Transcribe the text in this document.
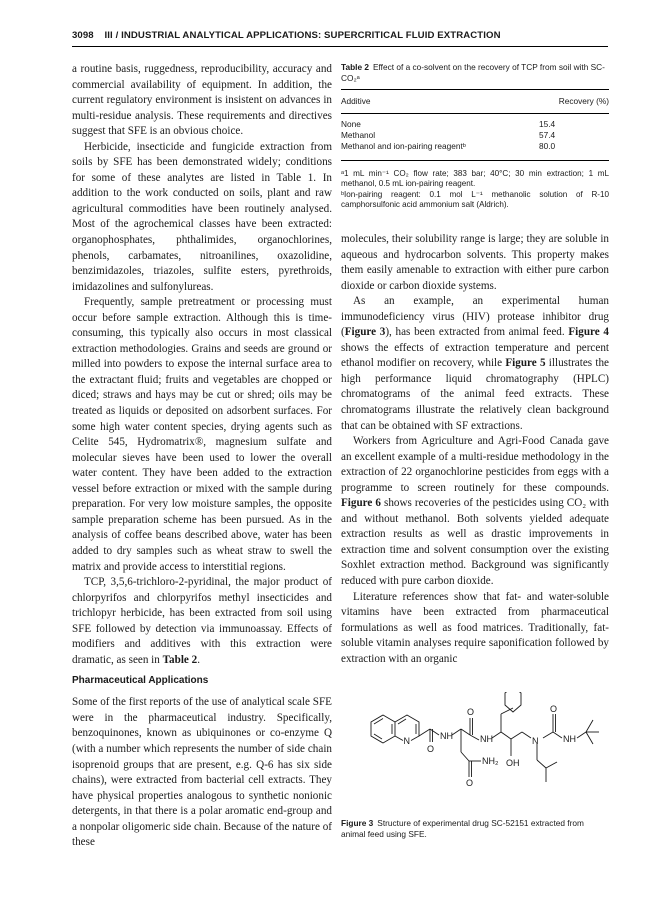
3098 III / INDUSTRIAL ANALYTICAL APPLICATIONS: SUPERCRITICAL FLUID EXTRACTION

a routine basis, ruggedness, reproducibility, accuracy and commercial availability of equipment. In addition, the current regulatory environment is insistent on advances in multi-residue analysis. These requirements and directives suggest that SFE is an obvious choice.

Herbicide, insecticide and fungicide extraction from soils by SFE has been demonstrated widely; conditions for some of these analytes are listed in Table 1. In addition to the work conducted on soils, plant and raw agricultural commodities have been routinely analysed. Most of the agrochemical classes have been extracted: organophosphates, phthalimides, organochlorines, phenols, carbamates, nitroanilines, oxazolidine, benzimidazoles, triazoles, sulfite esters, pyrethroids, imidazolines and sulfonylureas.

Frequently, sample pretreatment or processing must occur before sample extraction. Although this is time-consuming, this typically also occurs in most classical extraction methodologies. Grains and seeds are ground or milled into powders to expose the internal surface area to the extractant fluid; fruits and vegetables are chopped or diced; straws and hays may be cut or shred; oils may be treated as liquids or deposited on adsorbent surfaces. For some high water content species, drying agents such as Celite 545, Hydromatrix®, magnesium sulfate and molecular sieves have been used to lower the overall water content. They have been added to the extraction vessel before extraction or mixed with the sample during preparation. For very low moisture samples, the opposite sample preparation scheme has been pursued. As in the analysis of coffee beans described above, water has been added to dry samples such as wheat straw to swell the matrix and provide access to interstitial regions.

TCP, 3,5,6-trichloro-2-pyridinal, the major product of chlorpyrifos and chlorpyrifos methyl insecticides and trichlopyr herbicide, has been extracted from soil using SFE followed by detection via immunoassay. Effects of modifiers and additives with this extraction were dramatic, as seen in Table 2.

Pharmaceutical Applications

Some of the first reports of the use of analytical scale SFE were in the pharmaceutical industry. Specifically, benzoquinones, known as ubiquinones or co-enzyme Q (with a number which represents the number of side chain isoprenoid groups that are present, e.g. Q-6 has six side chains), were extracted from bacterial cell extracts. They have physical properties analogous to synthetic nonionic detergents, in that there is a polar aromatic end-group and a nonpolar oligomeric side chain. Because of the nature of these

Table 2 Effect of a co-solvent on the recovery of TCP from soil with SC-CO₂ᵃ
Additive	Recovery (%)
None	15.4
Methanol	57.4
Methanol and ion-pairing reagentᵇ	80.0
ᵃ1 mL min⁻¹ CO₂ flow rate; 383 bar; 40°C; 30 min extraction; 1 mL methanol, 0.5 mL ion-pairing reagent.
ᵇIon-pairing reagent: 0.1 mol L⁻¹ methanolic solution of R-10 camphorsulfonic acid ammonium salt (Aldrich).

molecules, their solubility range is large; they are soluble in aqueous and hydrocarbon solvents. This property makes them easily amenable to extraction with either pure carbon dioxide or carbon dioxide systems.

As an example, an experimental human immunodeficiency virus (HIV) protease inhibitor drug (Figure 3), has been extracted from animal feed. Figure 4 shows the effects of extraction temperature and percent ethanol modifier on recovery, while Figure 5 illustrates the high performance liquid chromatography (HPLC) chromatograms of the animal feed extracts. These chromatograms illustrate the relatively clean background that can be obtained with SF extractions.

Workers from Agriculture and Agri-Food Canada gave an excellent example of a multi-residue methodology in the extraction of 22 organochlorine pesticides from eggs with a programme to screen routinely for these compounds. Figure 6 shows recoveries of the pesticides using CO₂ with and without methanol. Both solvents yielded adequate extraction results as well as drastic improvements in extraction time and solvent consumption over the existing Soxhlet extraction method. Background was significantly reduced with pure carbon dioxide.

Literature references show that fat- and water-soluble vitamins have been extracted from pharmaceutical formulations as well as food matrices. Traditionally, fat-soluble vitamin analyses require saponification followed by extraction with an organic

N	NH
O
O
NH
NH₂
O
OH
N
O
NH
Figure 3 Structure of experimental drug SC-52151 extracted from animal feed using SFE.
